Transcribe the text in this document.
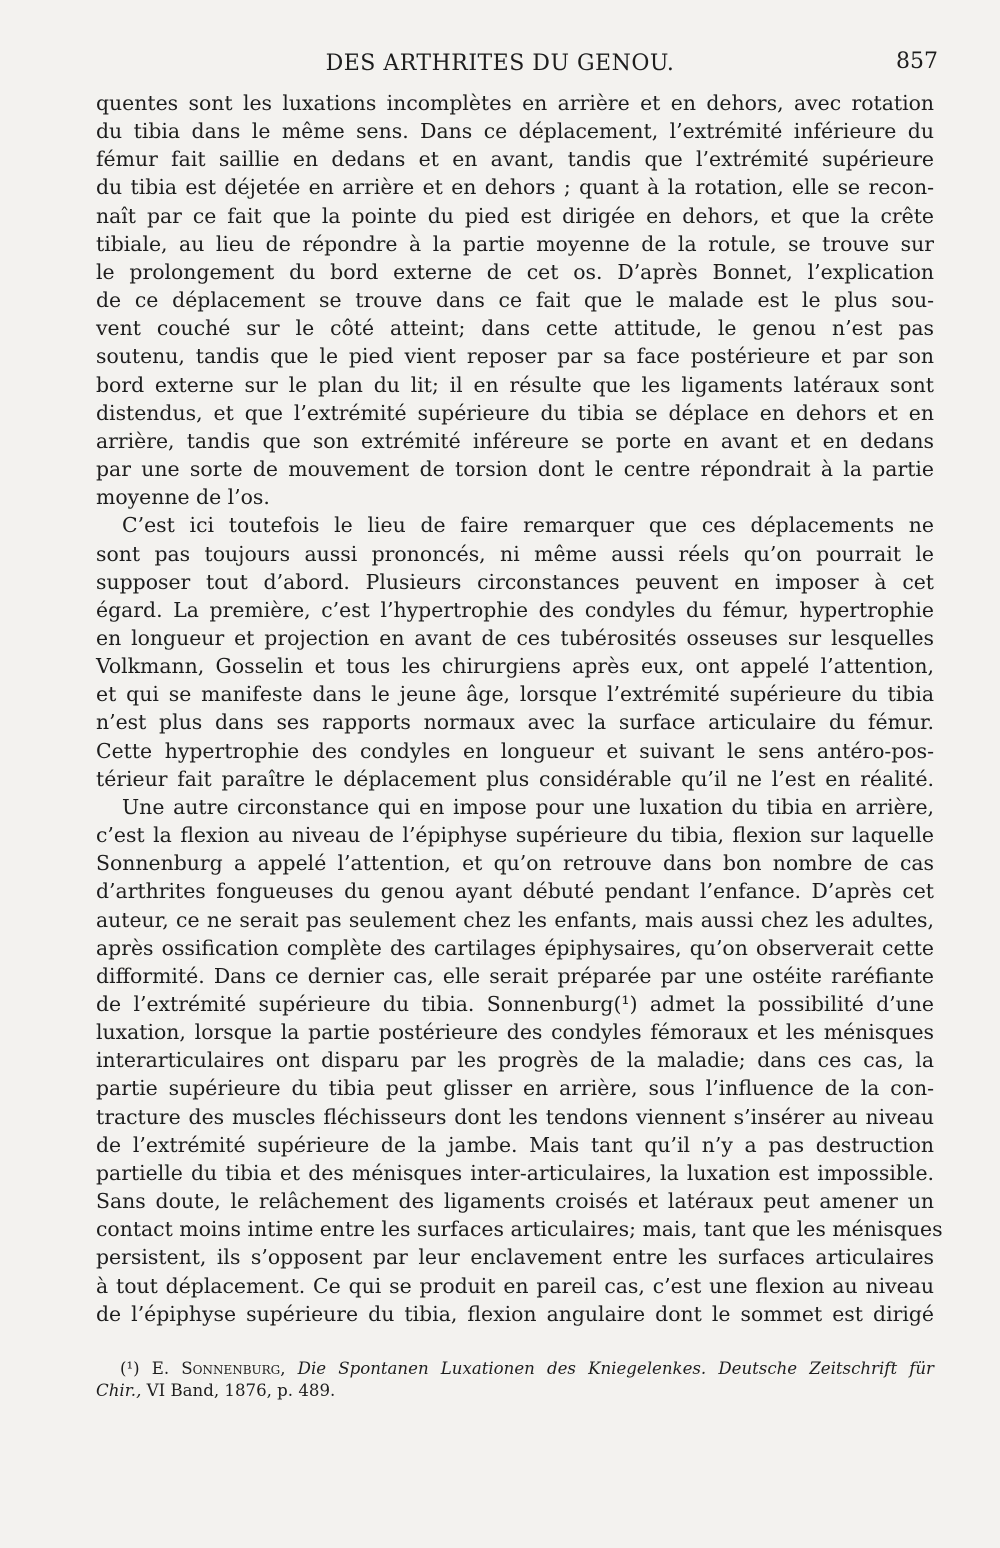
DES ARTHRITES DU GENOU.	857
quentes sont les luxations incomplètes en arrière et en dehors, avec rotation
du tibia dans le même sens. Dans ce déplacement, l’extrémité inférieure du
fémur fait saillie en dedans et en avant, tandis que l’extrémité supérieure
du tibia est déjetée en arrière et en dehors ; quant à la rotation, elle se recon-
naît par ce fait que la pointe du pied est dirigée en dehors, et que la crête
tibiale, au lieu de répondre à la partie moyenne de la rotule, se trouve sur
le prolongement du bord externe de cet os. D’après Bonnet, l’explication
de ce déplacement se trouve dans ce fait que le malade est le plus sou-
vent couché sur le côté atteint; dans cette attitude, le genou n’est pas
soutenu, tandis que le pied vient reposer par sa face postérieure et par son
bord externe sur le plan du lit; il en résulte que les ligaments latéraux sont
distendus, et que l’extrémité supérieure du tibia se déplace en dehors et en
arrière, tandis que son extrémité inféreure se porte en avant et en dedans
par une sorte de mouvement de torsion dont le centre répondrait à la partie
moyenne de l’os.
C’est ici toutefois le lieu de faire remarquer que ces déplacements ne
sont pas toujours aussi prononcés, ni même aussi réels qu’on pourrait le
supposer tout d’abord. Plusieurs circonstances peuvent en imposer à cet
égard. La première, c’est l’hypertrophie des condyles du fémur, hypertrophie
en longueur et projection en avant de ces tubérosités osseuses sur lesquelles
Volkmann, Gosselin et tous les chirurgiens après eux, ont appelé l’attention,
et qui se manifeste dans le jeune âge, lorsque l’extrémité supérieure du tibia
n’est plus dans ses rapports normaux avec la surface articulaire du fémur.
Cette hypertrophie des condyles en longueur et suivant le sens antéro-pos-
térieur fait paraître le déplacement plus considérable qu’il ne l’est en réalité.
Une autre circonstance qui en impose pour une luxation du tibia en arrière,
c’est la flexion au niveau de l’épiphyse supérieure du tibia, flexion sur laquelle
Sonnenburg a appelé l’attention, et qu’on retrouve dans bon nombre de cas
d’arthrites fongueuses du genou ayant débuté pendant l’enfance. D’après cet
auteur, ce ne serait pas seulement chez les enfants, mais aussi chez les adultes,
après ossification complète des cartilages épiphysaires, qu’on observerait cette
difformité. Dans ce dernier cas, elle serait préparée par une ostéite raréfiante
de l’extrémité supérieure du tibia. Sonnenburg(¹) admet la possibilité d’une
luxation, lorsque la partie postérieure des condyles fémoraux et les ménisques
interarticulaires ont disparu par les progrès de la maladie; dans ces cas, la
partie supérieure du tibia peut glisser en arrière, sous l’influence de la con-
tracture des muscles fléchisseurs dont les tendons viennent s’insérer au niveau
de l’extrémité supérieure de la jambe. Mais tant qu’il n’y a pas destruction
partielle du tibia et des ménisques inter-articulaires, la luxation est impossible.
Sans doute, le relâchement des ligaments croisés et latéraux peut amener un
contact moins intime entre les surfaces articulaires; mais, tant que les ménisques
persistent, ils s’opposent par leur enclavement entre les surfaces articulaires
à tout déplacement. Ce qui se produit en pareil cas, c’est une flexion au niveau
de l’épiphyse supérieure du tibia, flexion angulaire dont le sommet est dirigé
(¹) E. Sonnenburg, Die Spontanen Luxationen des Kniegelenkes. Deutsche Zeitschrift für
Chir., VI Band, 1876, p. 489.
